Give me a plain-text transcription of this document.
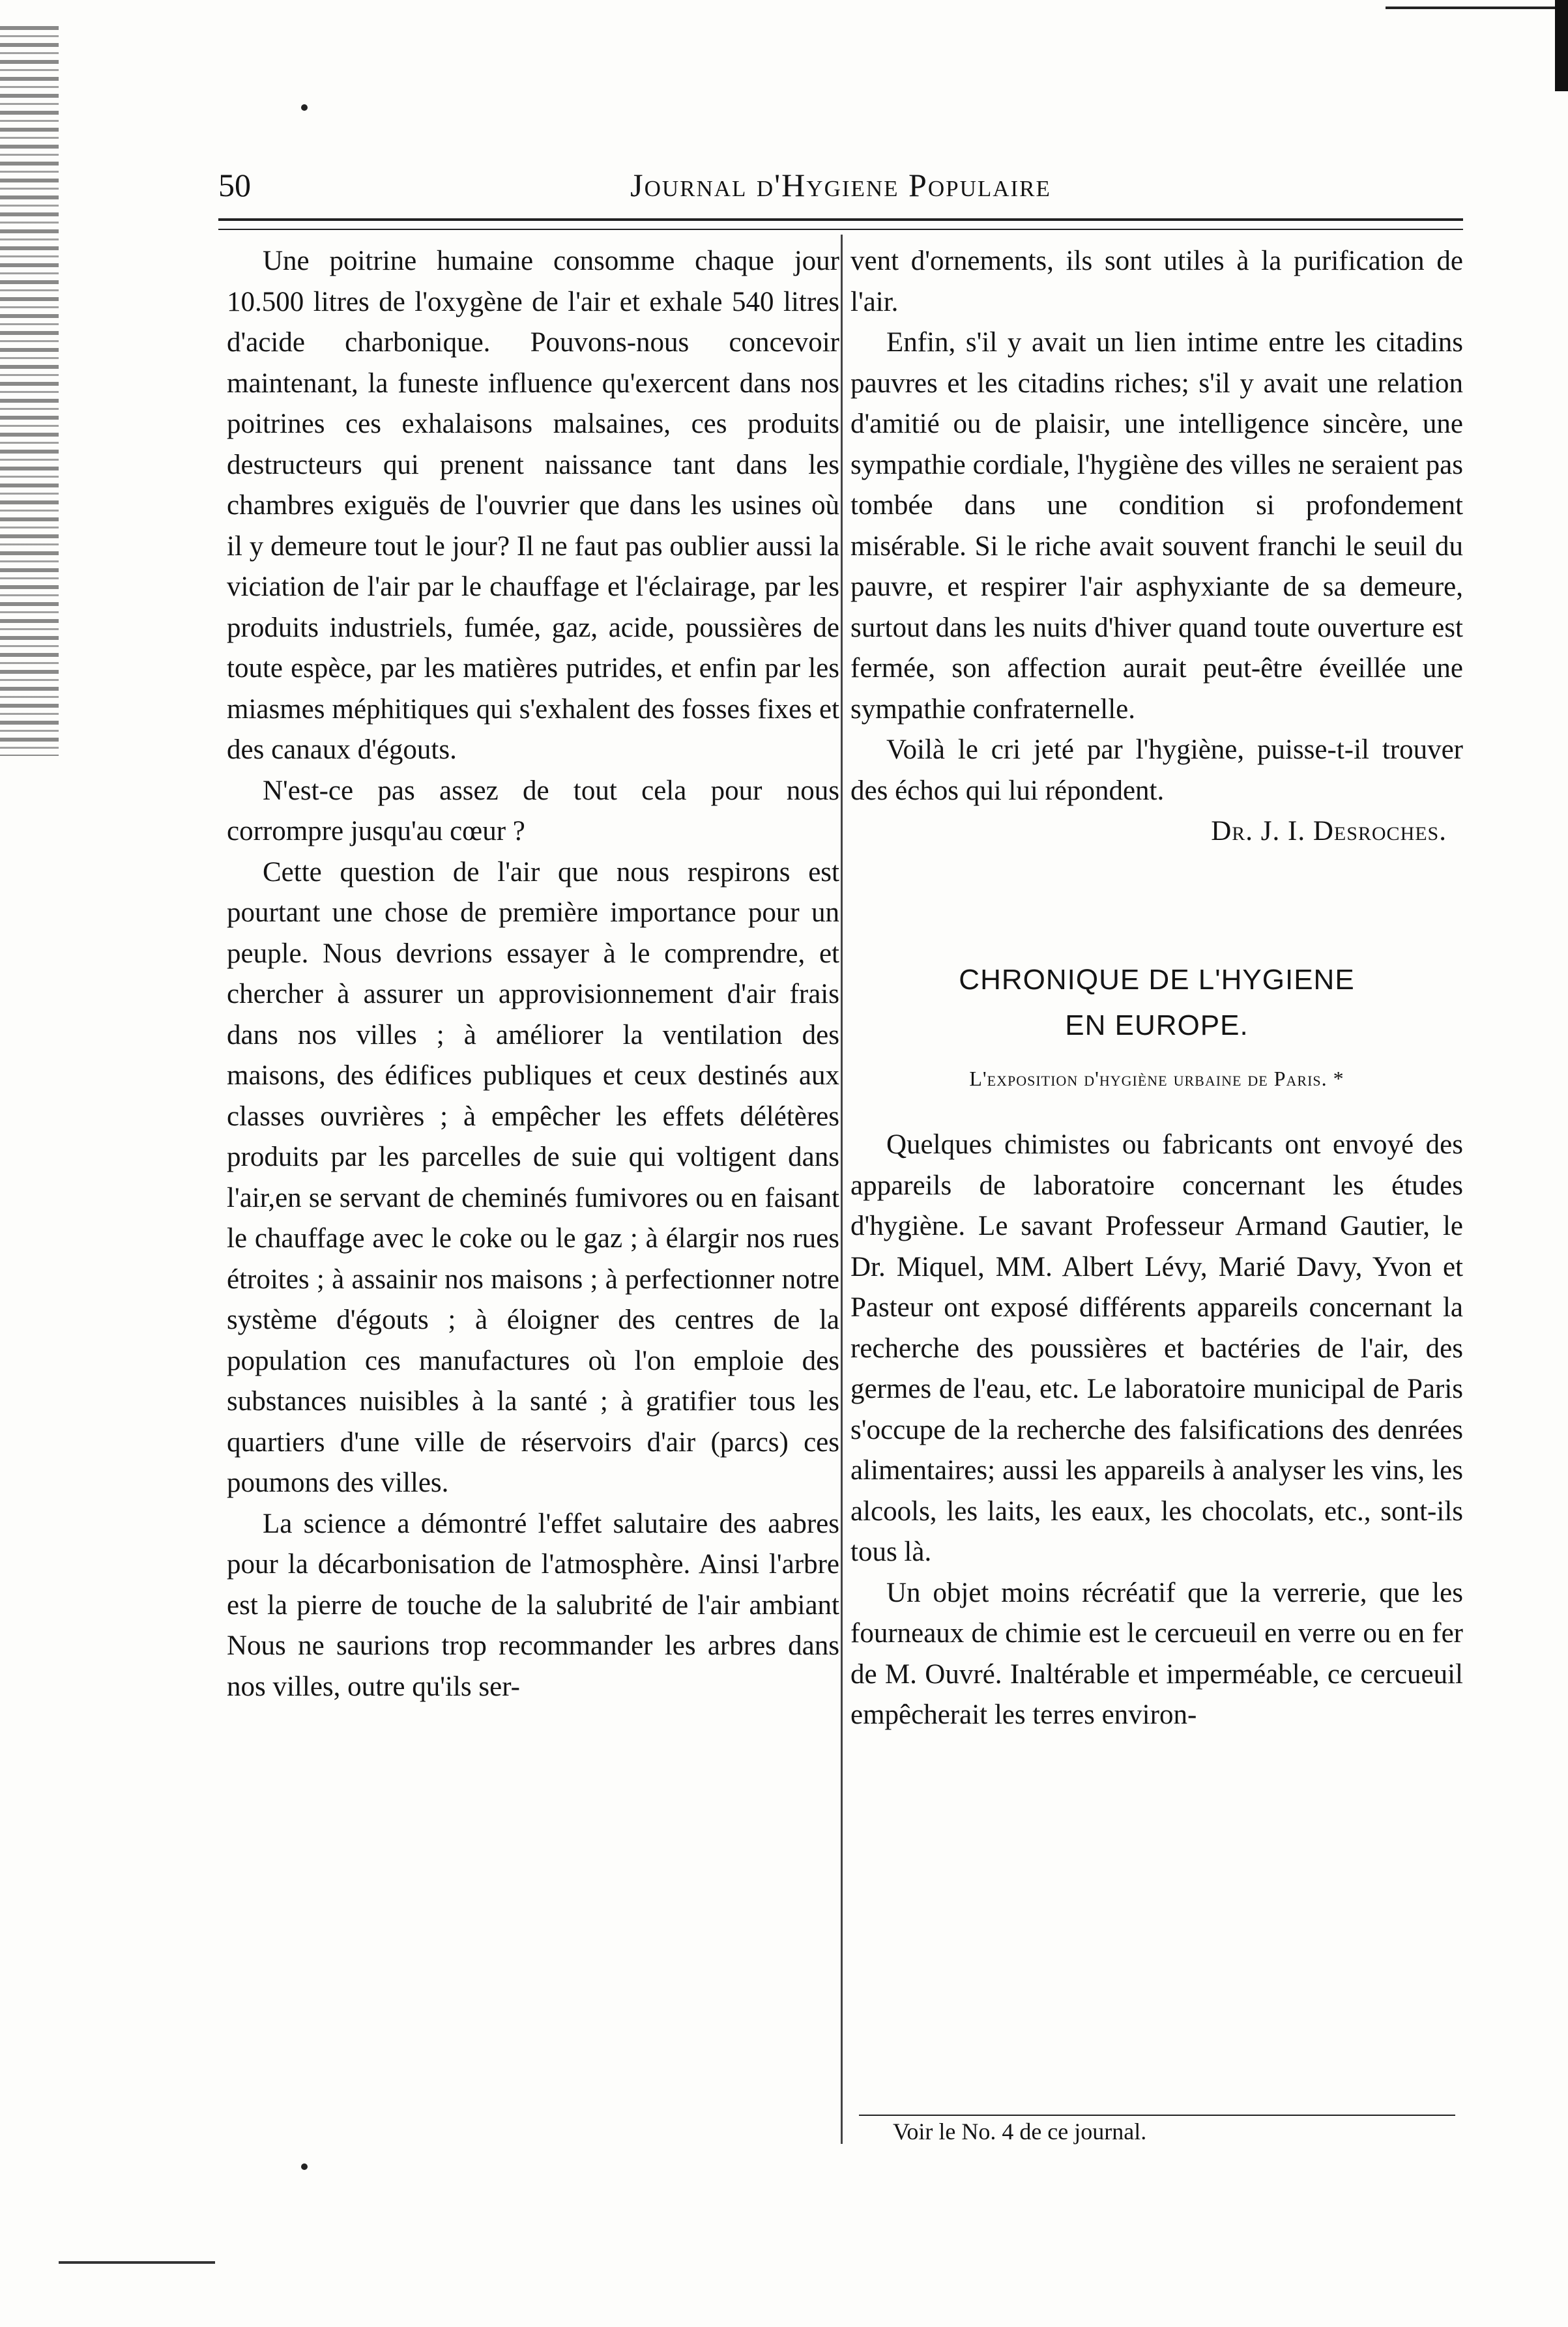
50	Journal d'Hygiene Populaire

Une poitrine humaine consomme chaque jour 10.500 litres de l'oxygène de l'air et exhale 540 litres d'acide charbonique. Pouvons-nous concevoir maintenant, la funeste influence qu'exercent dans nos poitrines ces exhalaisons malsaines, ces produits destructeurs qui prenent naissance tant dans les chambres exiguës de l'ouvrier que dans les usines où il y demeure tout le jour? Il ne faut pas oublier aussi la viciation de l'air par le chauffage et l'éclairage, par les produits industriels, fumée, gaz, acide, poussières de toute espèce, par les matières putrides, et enfin par les miasmes méphitiques qui s'exhalent des fosses fixes et des canaux d'égouts.

N'est-ce pas assez de tout cela pour nous corrompre jusqu'au cœur ?

Cette question de l'air que nous respirons est pourtant une chose de première importance pour un peuple. Nous devrions essayer à le comprendre, et chercher à assurer un approvisionnement d'air frais dans nos villes ; à améliorer la ventilation des maisons, des édifices publiques et ceux destinés aux classes ouvrières ; à empêcher les effets délétères produits par les parcelles de suie qui voltigent dans l'air,en se servant de cheminés fumivores ou en faisant le chauffage avec le coke ou le gaz ; à élargir nos rues étroites ; à assainir nos maisons ; à perfectionner notre système d'égouts ; à éloigner des centres de la population ces manufactures où l'on emploie des substances nuisibles à la santé ; à gratifier tous les quartiers d'une ville de réservoirs d'air (parcs) ces poumons des villes.

La science a démontré l'effet salutaire des aabres pour la décarbonisation de l'atmosphère. Ainsi l'arbre est la pierre de touche de la salubrité de l'air ambiant Nous ne saurions trop recommander les arbres dans nos villes, outre qu'ils ser-

vent d'ornements, ils sont utiles à la purification de l'air.

Enfin, s'il y avait un lien intime entre les citadins pauvres et les citadins riches; s'il y avait une relation d'amitié ou de plaisir, une intelligence sincère, une sympathie cordiale, l'hygiène des villes ne seraient pas tombée dans une condition si profondement misérable. Si le riche avait souvent franchi le seuil du pauvre, et respirer l'air asphyxiante de sa demeure, surtout dans les nuits d'hiver quand toute ouverture est fermée, son affection aurait peut-être éveillée une sympathie confraternelle.

Voilà le cri jeté par l'hygiène, puisse-t-il trouver des échos qui lui répondent.

Dr. J. I. Desroches.

CHRONIQUE DE L'HYGIENE

EN EUROPE.

L'exposition d'hygiène urbaine de Paris. *

Quelques chimistes ou fabricants ont envoyé des appareils de laboratoire concernant les études d'hygiène. Le savant Professeur Armand Gautier, le Dr. Miquel, MM. Albert Lévy, Marié Davy, Yvon et Pasteur ont exposé différents appareils concernant la recherche des poussières et bactéries de l'air, des germes de l'eau, etc. Le laboratoire municipal de Paris s'occupe de la recherche des falsifications des denrées alimentaires; aussi les appareils à analyser les vins, les alcools, les laits, les eaux, les chocolats, etc., sont-ils tous là.

Un objet moins récréatif que la verrerie, que les fourneaux de chimie est le cercueuil en verre ou en fer de M. Ouvré. Inaltérable et imperméable, ce cercueuil empêcherait les terres environ-

Voir le No. 4 de ce journal.
